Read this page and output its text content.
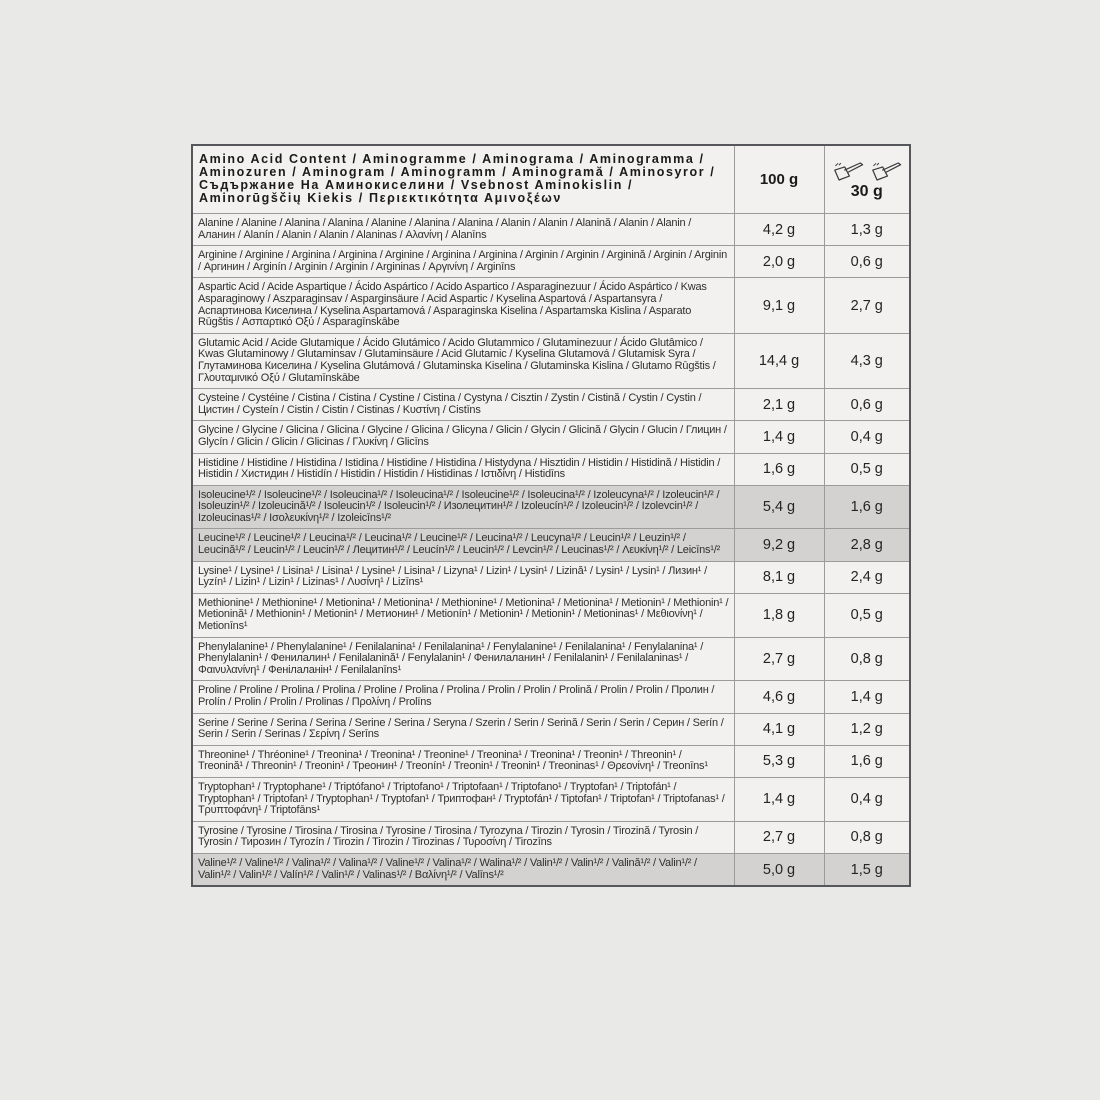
Amino Acid Content / Aminogramme / Aminograma / Aminogramma / Aminozuren / Aminogram / Aminogramm / Aminogramă / Aminosyror / Съдържание На Аминокиселини / Vsebnost Aminokislin / Aminorūgščių Kiekis / Περιεκτικότητα Αμινοξέων	100 g	30 g

Alanine / Alanine / Alanina / Alanina / Alanine / Alanina / Alanina / Alanin / Alanin / Alanină / Alanin / Alanin / Аланин / Alanín / Alanin / Alanin / Alaninas / Αλανίνη / Alanīns	4,2 g	1,3 g
Arginine / Arginine / Arginina / Arginina / Arginine / Arginina / Arginina / Arginin / Arginin / Arginină / Arginin / Arginin / Аргинин / Arginín / Arginin / Arginin / Argininas / Αργινίνη / Arginīns	2,0 g	0,6 g
Aspartic Acid / Acide Aspartique / Ácido Aspártico / Acido Aspartico / Asparaginezuur / Ácido Aspártico / Kwas Asparaginowy / Aszparaginsav / Asparginsäure / Acid Aspartic / Kyselina Aspartová / Aspartansyra / Аспартинова Киселина / Kyselina Aspartamová / Asparaginska Kiselina / Aspartamska Kislina / Asparato Rūgštis / Ασπαρτικό Οξύ / Asparagīnskābe	9,1 g	2,7 g
Glutamic Acid / Acide Glutamique / Ácido Glutámico / Acido Glutammico / Glutaminezuur / Ácido Glutâmico / Kwas Glutaminowy / Glutaminsav / Glutaminsäure / Acid Glutamic / Kyselina Glutamová / Glutamisk Syra / Глутаминова Киселина / Kyselina Glutámová / Glutaminska Kiselina / Glutaminska Kislina / Glutamo Rūgštis / Γλουταμινικό Οξύ / Glutamīnskābe	14,4 g	4,3 g
Cysteine / Cystéine / Cistina / Cistina / Cystine / Cistina / Cystyna / Cisztin / Zystin / Cistină / Cystin / Cystin / Цистин / Cysteín / Cistin / Cistin / Cistinas / Κυστίνη / Cistīns	2,1 g	0,6 g
Glycine / Glycine / Glicina / Glicina / Glycine / Glicina / Glicyna / Glicin / Glycin / Glicină / Glycin / Glucin / Глицин / Glycín / Glicin / Glicin / Glicinas / Γλυκίνη / Glicīns	1,4 g	0,4 g
Histidine / Histidine / Histidina / Istidina / Histidine / Histidina / Histydyna / Hisztidin / Histidin / Histidină / Histidin / Histidin / Хистидин / Histidín / Histidin / Histidin / Histidinas / Ιστιδίνη / Histidīns	1,6 g	0,5 g
Isoleucine¹/² / Isoleucine¹/² / Isoleucina¹/² / Isoleucina¹/² / Isoleucine¹/² / Isoleucina¹/² / Izoleucyna¹/² / Izoleucin¹/² / Isoleuzin¹/² / Izoleucină¹/² / Isoleucin¹/² / Isoleucin¹/² / Изолецитин¹/² / Izoleucín¹/² / Izoleucin¹/² / Izolevcin¹/² / Izoleucinas¹/² / Ισολευκίνη¹/² / Izoleicīns¹/²	5,4 g	1,6 g
Leucine¹/² / Leucine¹/² / Leucina¹/² / Leucina¹/² / Leucine¹/² / Leucina¹/² / Leucyna¹/² / Leucin¹/² / Leuzin¹/² / Leucină¹/² / Leucin¹/² / Leucin¹/² / Лецитин¹/² / Leucín¹/² / Leucin¹/² / Levcin¹/² / Leucinas¹/² / Λευκίνη¹/² / Leicīns¹/²	9,2 g	2,8 g
Lysine¹ / Lysine¹ / Lisina¹ / Lisina¹ / Lysine¹ / Lisina¹ / Lizyna¹ / Lizin¹ / Lysin¹ / Lizină¹ / Lysin¹ / Lysin¹ / Лизин¹ / Lyzín¹ / Lizin¹ / Lizin¹ / Lizinas¹ / Λυσίνη¹ / Lizīns¹	8,1 g	2,4 g
Methionine¹ / Methionine¹ / Metionina¹ / Metionina¹ / Methionine¹ / Metionina¹ / Metionina¹ / Metionin¹ / Methionin¹ / Metionină¹ / Methionin¹ / Metionin¹ / Метионин¹ / Metionín¹ / Metionin¹ / Metionin¹ / Metioninas¹ / Μεθιονίνη¹ / Metionīns¹	1,8 g	0,5 g
Phenylalanine¹ / Phenylalanine¹ / Fenilalanina¹ / Fenilalanina¹ / Fenylalanine¹ / Fenilalanina¹ / Fenylalanina¹ / Phenylalanin¹ / Фенилалин¹ / Fenilalanină¹ / Fenylalanin¹ / Фенилаланин¹ / Fenilalanin¹ / Fenilalaninas¹ / Φαινυλανίνη¹ / Фенілаланін¹ / Fenilalanīns¹	2,7 g	0,8 g
Proline / Proline / Prolina / Prolina / Proline / Prolina / Prolina / Prolin / Prolin / Prolină / Prolin / Prolin / Пролин / Prolín / Prolin / Prolin / Prolinas / Προλίνη / Prolīns	4,6 g	1,4 g
Serine / Serine / Serina / Serina / Serine / Serina / Seryna / Szerin / Serin / Serină / Serin / Serin / Серин / Serín / Serin / Serin / Serinas / Σερίνη / Serīns	4,1 g	1,2 g
Threonine¹ / Thréonine¹ / Treonina¹ / Treonina¹ / Treonine¹ / Treonina¹ / Treonina¹ / Treonin¹ / Threonin¹ / Treonină¹ / Threonin¹ / Treonin¹ / Треонин¹ / Treonín¹ / Treonin¹ / Treonin¹ / Treoninas¹ / Θρεονίνη¹ / Treonīns¹	5,3 g	1,6 g
Tryptophan¹ / Tryptophane¹ / Triptófano¹ / Triptofano¹ / Triptofaan¹ / Triptofano¹ / Tryptofan¹ / Triptofán¹ / Tryptophan¹ / Triptofan¹ / Tryptophan¹ / Tryptofan¹ / Триптофан¹ / Tryptofán¹ / Tiptofan¹ / Triptofan¹ / Triptofanas¹ / Τρυπτοφάνη¹ / Triptofāns¹	1,4 g	0,4 g
Tyrosine / Tyrosine / Tirosina / Tirosina / Tyrosine / Tirosina / Tyrozyna / Tirozin / Tyrosin / Tirozină / Tyrosin / Tyrosin / Тирозин / Tyrozín / Tirozin / Tirozin / Tirozinas / Τυροσίνη / Tirozīns	2,7 g	0,8 g
Valine¹/² / Valine¹/² / Valina¹/² / Valina¹/² / Valine¹/² / Valina¹/² / Walina¹/² / Valin¹/² / Valin¹/² / Valină¹/² / Valin¹/² / Valin¹/² / Valin¹/² / Valín¹/² / Valin¹/² / Valinas¹/² / Βαλίνη¹/² / Valīns¹/²	5,0 g	1,5 g
